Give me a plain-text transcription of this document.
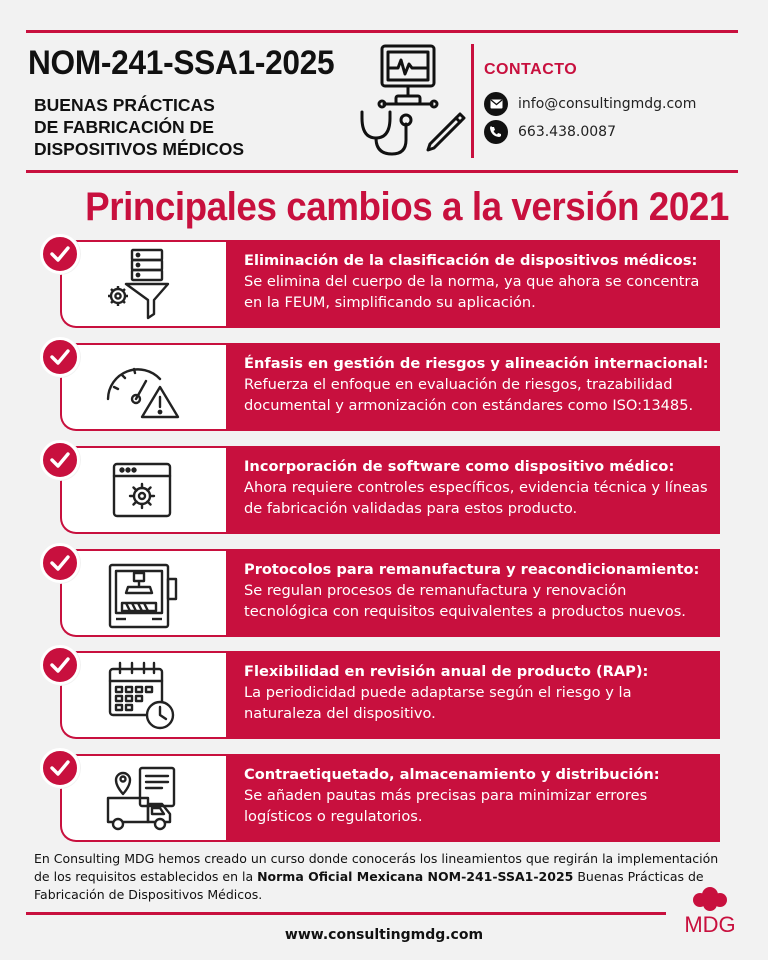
NOM-241-SSA1-2025
BUENAS PRÁCTICAS
DE FABRICACIÓN DE
DISPOSITIVOS MÉDICOS
CONTACTO
info@consultingmdg.com
663.438.0087
Principales cambios a la versión 2021
Eliminación de la clasificación de dispositivos médicos:
Se elimina del cuerpo de la norma, ya que ahora se concentra en la FEUM, simplificando su aplicación.
Énfasis en gestión de riesgos y alineación internacional:
Refuerza el enfoque en evaluación de riesgos, trazabilidad documental y armonización con estándares como ISO:13485.
Incorporación de software como dispositivo médico:
Ahora requiere controles específicos, evidencia técnica y líneas de fabricación validadas para estos producto.
Protocolos para remanufactura y reacondicionamiento:
Se regulan procesos de remanufactura y renovación tecnológica con requisitos equivalentes a productos nuevos.
Flexibilidad en revisión anual de producto (RAP):
La periodicidad puede adaptarse según el riesgo y la naturaleza del dispositivo.
Contraetiquetado, almacenamiento y distribución:
Se añaden pautas más precisas para minimizar errores logísticos o regulatorios.
En Consulting MDG hemos creado un curso donde conocerás los lineamientos que regirán la implementación de los requisitos establecidos en la Norma Oficial Mexicana NOM-241-SSA1-2025 Buenas Prácticas de Fabricación de Dispositivos Médicos.
www.consultingmdg.com	MDG
